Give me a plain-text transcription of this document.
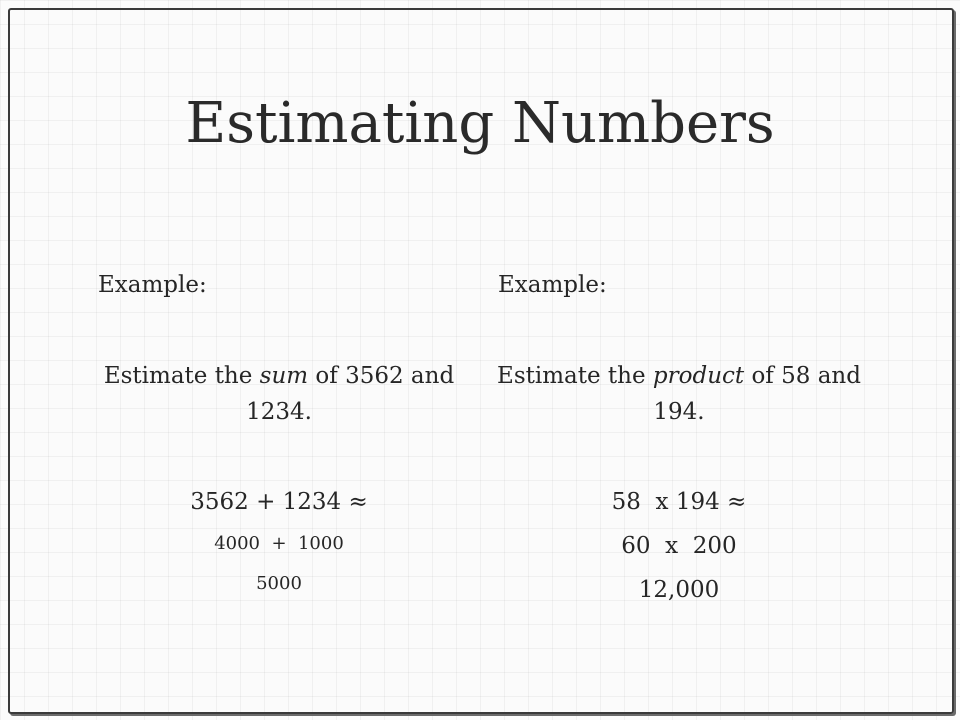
Estimating Numbers
Example:
Estimate the sum of 3562 and 1234.
3562 + 1234 ≈
4000  +  1000
5000
Example:
Estimate the product of 58 and 194.
58  x 194 ≈
60  x  200
12,000
